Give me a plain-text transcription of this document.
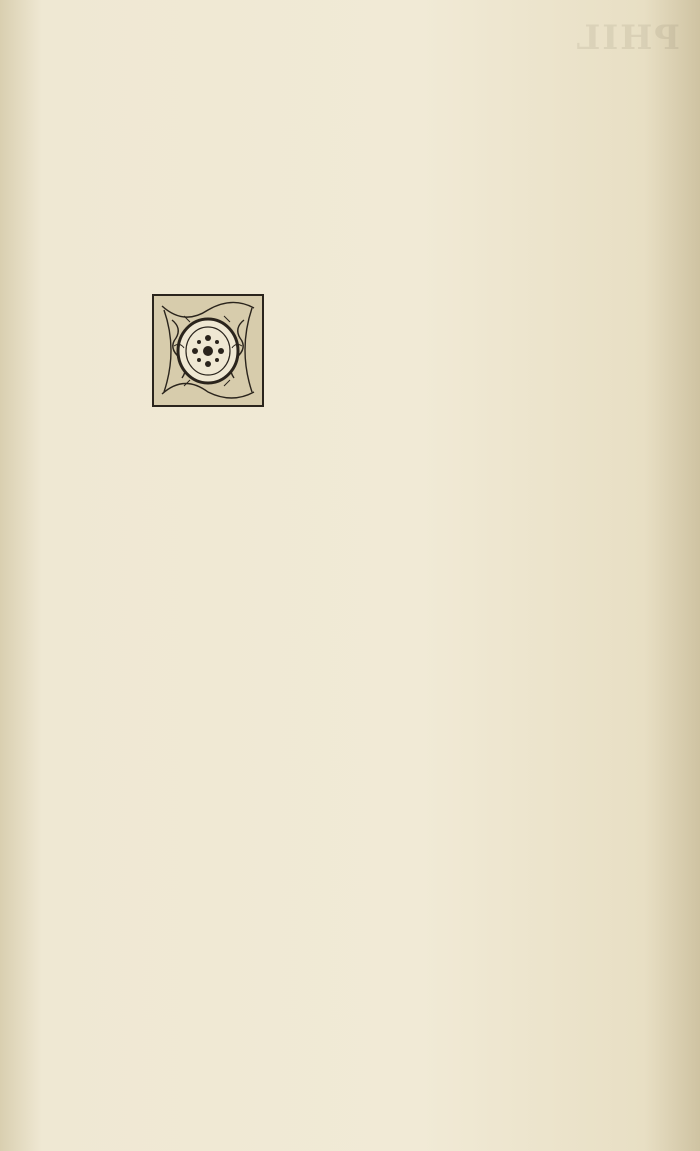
PHIL
